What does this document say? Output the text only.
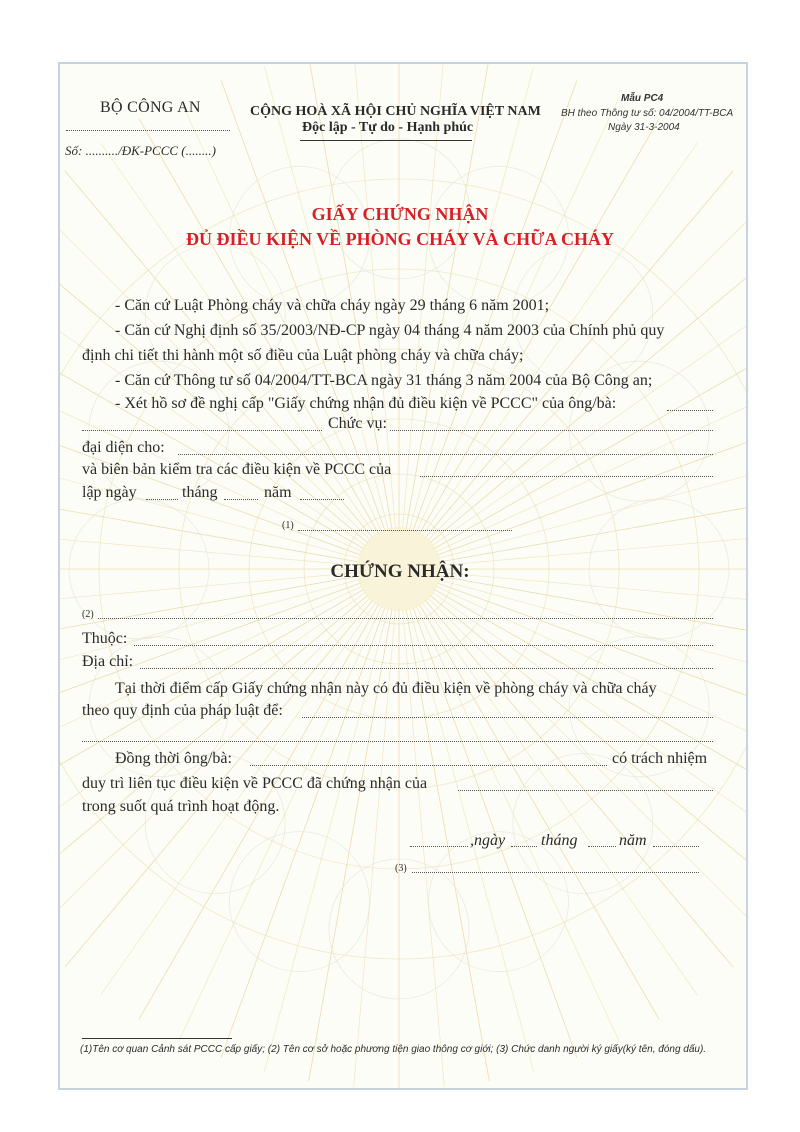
BỘ CÔNG AN
Số: ........../ĐK-PCCC (........)
CỘNG HOÀ XÃ HỘI CHỦ NGHĨA VIỆT NAM
Độc lập - Tự do - Hạnh phúc
Mẫu PC4
BH theo Thông tư số: 04/2004/TT-BCA
Ngày 31-3-2004
GIẤY CHỨNG NHẬN
ĐỦ ĐIỀU KIỆN VỀ PHÒNG CHÁY VÀ CHỮA CHÁY
- Căn cứ Luật Phòng cháy và chữa cháy ngày 29 tháng 6 năm 2001;
- Căn cứ Nghị định số 35/2003/NĐ-CP ngày 04 tháng 4 năm 2003 của Chính phủ quy
định chi tiết thi hành một số điều của Luật phòng cháy và chữa cháy;
- Căn cứ Thông tư số 04/2004/TT-BCA ngày 31 tháng 3 năm 2004 của Bộ Công an;
- Xét hồ sơ đề nghị cấp "Giấy chứng nhận đủ điều kiện về PCCC" của ông/bà:
Chức vụ:
đại diện cho:
và biên bản kiểm tra các điều kiện về PCCC của
lập ngày	tháng	năm
(1)
CHỨNG NHẬN:
(2)
Thuộc:
Địa chỉ:
Tại thời điểm cấp Giấy chứng nhận này có đủ điều kiện về phòng cháy và chữa cháy
theo quy định của pháp luật để:
Đồng thời ông/bà:	có trách nhiệm
duy trì liên tục điều kiện về PCCC đã chứng nhận của
trong suốt quá trình hoạt động.
,ngày tháng	năm
(3)
(1)Tên cơ quan Cảnh sát PCCC cấp giấy; (2) Tên cơ sở hoặc phương tiện giao thông cơ giới; (3) Chức danh người ký giấy(ký tên, đóng dấu).
